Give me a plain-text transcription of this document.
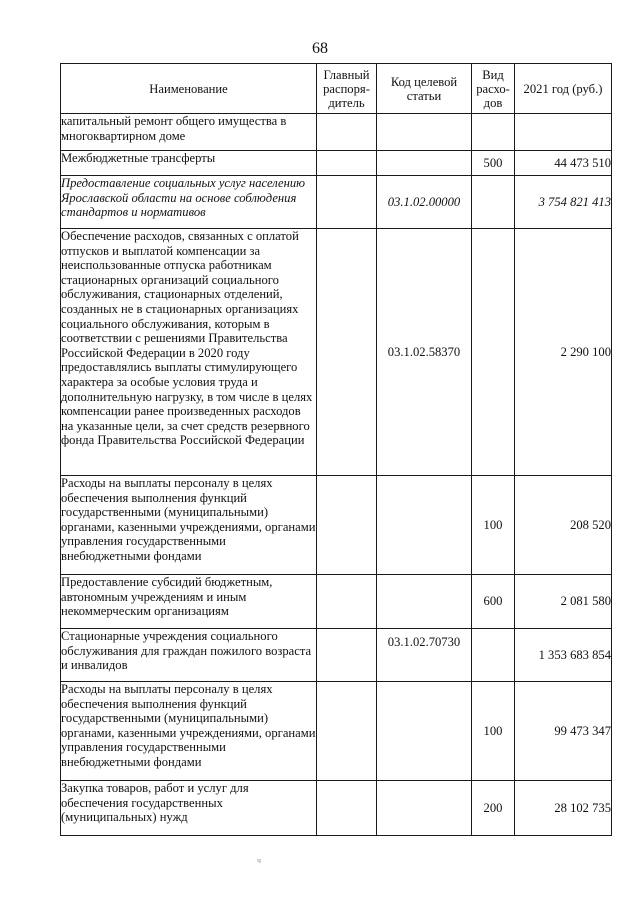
68
Наименование	Главный распоря-дитель	Код целевой статьи	Вид расхо-дов	2021 год (руб.)
капитальный ремонт общего имущества в многоквартирном доме				
Межбюджетные трансферты			500	44 473 510
Предоставление социальных услуг населению Ярославской области на основе соблюдения стандартов и нормативов		03.1.02.00000		3 754 821 413
Обеспечение расходов, связанных с оплатой отпусков и выплатой компенсации за неиспользованные отпуска работникам стационарных организаций социального обслуживания, стационарных отделений, созданных не в стационарных организациях социального обслуживания, которым в соответствии с решениями Правительства Российской Федерации в 2020 году предоставлялись выплаты стимулирующего характера за особые условия труда и дополнительную нагрузку, в том числе в целях компенсации ранее произведенных расходов на указанные цели, за счет средств резервного фонда Правительства Российской Федерации		03.1.02.58370		2 290 100
Расходы на выплаты персоналу в целях обеспечения выполнения функций государственными (муниципальными) органами, казенными учреждениями, органами управления государственными внебюджетными фондами			100	208 520
Предоставление субсидий бюджетным, автономным учреждениям и иным некоммерческим организациям			600	2 081 580
Стационарные учреждения социального обслуживания для граждан пожилого возраста и инвалидов		03.1.02.70730		1 353 683 854
Расходы на выплаты персоналу в целях обеспечения выполнения функций государственными (муниципальными) органами, казенными учреждениями, органами управления государственными внебюджетными фондами			100	99 473 347
Закупка товаров, работ и услуг для обеспечения государственных (муниципальных) нужд			200	28 102 735
ч
